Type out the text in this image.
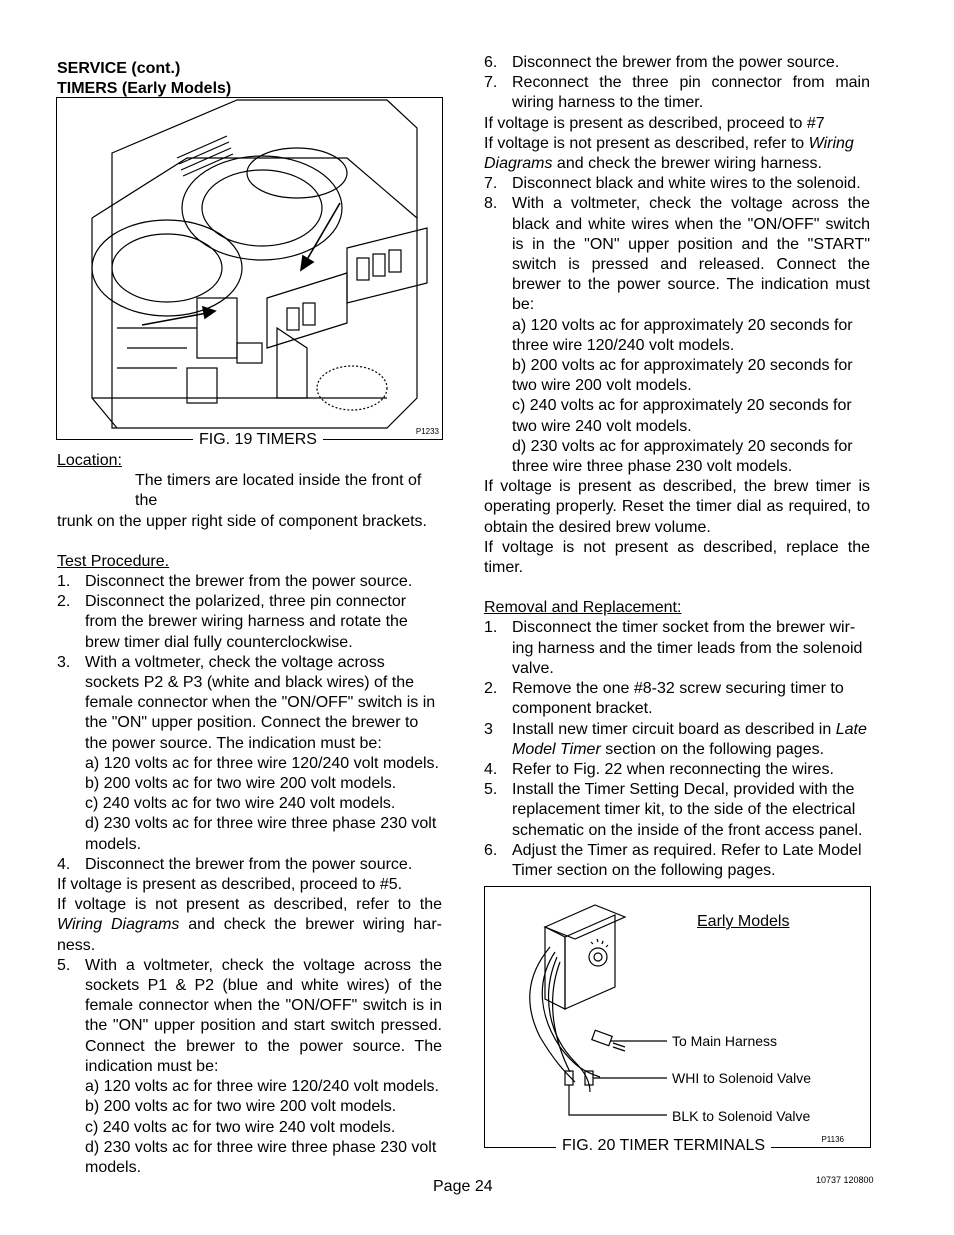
SERVICE (cont.)
TIMERS (Early Models)
P1233
FIG. 19 TIMERS

Location:

The timers are located inside the front of the

trunk on the upper right side of component brackets.

Test Procedure.

1. Disconnect the brewer from the power source.
2. Disconnect the polarized, three pin connector from the brewer wiring harness and rotate the brew timer dial fully counterclockwise.
3. With a voltmeter, check the voltage across sockets P2 & P3 (white and black wires) of the female connector when the "ON/OFF" switch is in the "ON" upper position. Connect the brewer to the power source. The indication must be:

a) 120 volts ac for three wire 120/240 volt models.

b) 200 volts ac for two wire 200 volt models.

c) 240 volts ac for two wire 240 volt models.

d) 230 volts ac for three wire three phase 230 volt models.

4. Disconnect the brewer from the power source.

If voltage is present as described, proceed to #5.

If voltage is not present as described, refer to the Wiring Diagrams and check the brewer wiring har-ness.

5. With a voltmeter, check the voltage across the sockets P1 & P2 (blue and white wires) of the female connector when the "ON/OFF" switch is in the "ON" upper position and start switch pressed. Connect the brewer to the power source. The indication must be:

a) 120 volts ac for three wire 120/240 volt models.

b) 200 volts ac for two wire 200 volt models.

c) 240 volts ac for two wire 240 volt models.

d) 230 volts ac for three wire three phase 230 volt models.

6. Disconnect the brewer from the power source.
7. Reconnect the three pin connector from main wiring harness to the timer.

If voltage is present as described, proceed to #7

If voltage is not present as described, refer to Wiring Diagrams and check the brewer wiring harness.

7. Disconnect black and white wires to the solenoid.
8. With a voltmeter, check the voltage across the black and white wires when the "ON/OFF" switch is in the "ON" upper position and the "START" switch is pressed and released. Connect the brewer to the power source. The indication must be:

a) 120 volts ac for approximately 20 seconds for three wire 120/240 volt models.

b) 200 volts ac for approximately 20 seconds for two wire 200 volt models.

c) 240 volts ac for approximately 20 seconds for two wire 240 volt models.

d) 230 volts ac for approximately 20 seconds for three wire three phase 230 volt models.

If voltage is present as described, the brew timer is operating properly. Reset the timer dial as required, to obtain the desired brew volume.

If voltage is not present as described, replace the timer.

Removal and Replacement:

1. Disconnect the timer socket from the brewer wir-ing harness and the timer leads from the solenoid valve.
2. Remove the one #8-32 screw securing timer to component bracket.
3	Install new timer circuit board as described in Late Model Timer section on the following pages.
4. Refer to Fig. 22 when reconnecting the wires.
5. Install the Timer Setting Decal, provided with the replacement timer kit, to the side of the electrical schematic on the inside of the front access panel.
6. Adjust the Timer as required. Refer to Late Model Timer section on the following pages.
Early Models
To Main Harness
WHI to Solenoid Valve
BLK to Solenoid Valve
P1136
FIG. 20 TIMER TERMINALS
Page 24	10737 120800
